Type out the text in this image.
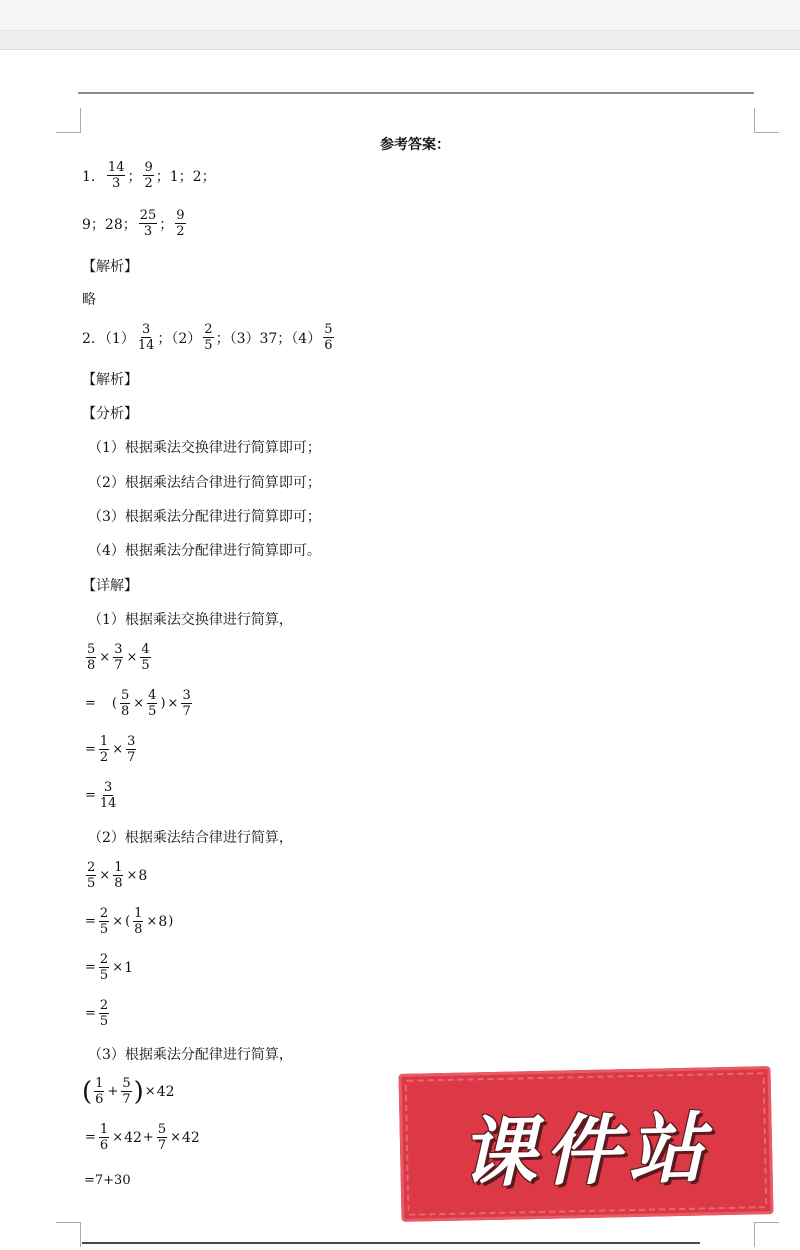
参考答案：
1． $\frac{14}{3}$ ； $\frac{9}{2}$ ；1；2；
9；28； $\frac{25}{3}$ ； $\frac{9}{2}$
【解析】
略
2．$(1) \frac{3}{14}$ ；$(2) \frac{2}{5}$ ；（3）37；$(4) \frac{5}{6}$
【解析】
【分析】
（1）根据乘法交换律进行简算即可；
（2）根据乘法结合律进行简算即可；
（3）根据乘法分配律进行简算即可；
（4）根据乘法分配律进行简算即可。
【详解】
（1）根据乘法交换律进行简算，
$\frac{5}{8} \times \frac{3}{7} \times \frac{4}{5}$
= ( $\frac{5}{8} \times \frac{4}{5}$ ) × $\frac{3}{7}$
= $\frac{1}{2} \times \frac{3}{7}$
= $\frac{3}{14}$
（2）根据乘法结合律进行简算，
$\frac{2}{5} \times \frac{1}{8} \times 8$
= $\frac{2}{5}$ × ( $\frac{1}{8} \times 8$ )
= $\frac{2}{5} \times 1$
= $\frac{2}{5}$
（3）根据乘法分配律进行简算，
( $\frac{1}{6} + \frac{5}{7}$ ) × 42
= $\frac{1}{6} \times 42 + \frac{5}{7} \times 42$
=7+30	课件站
